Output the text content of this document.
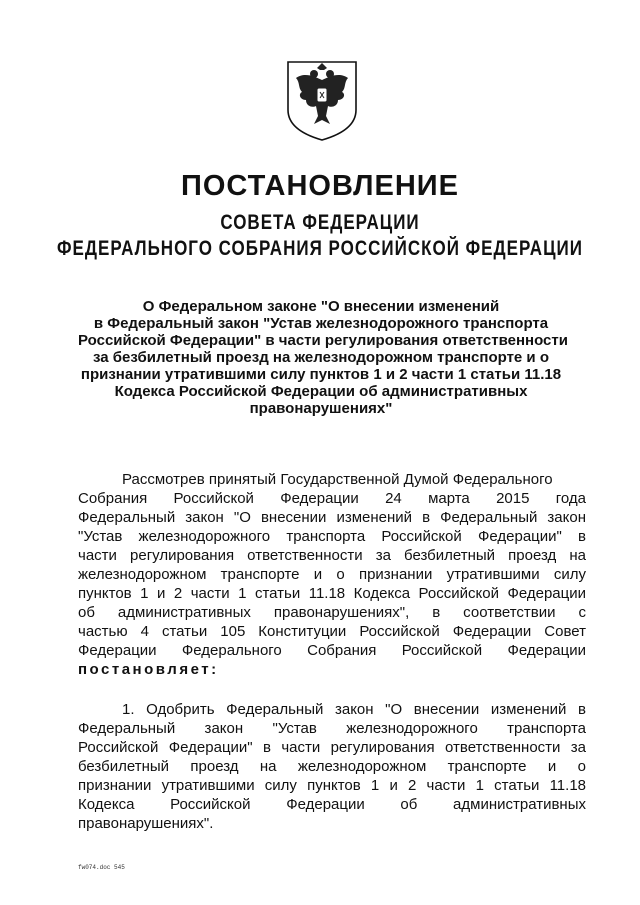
ПОСТАНОВЛЕНИЕ
СОВЕТА ФЕДЕРАЦИИ
ФЕДЕРАЛЬНОГО СОБРАНИЯ РОССИЙСКОЙ ФЕДЕРАЦИИ
О Федеральном законе "О внесении изменений
в Федеральный закон "Устав железнодорожного транспорта
Российской Федерации" в части регулирования ответственности
за безбилетный проезд на железнодорожном транспорте и о
признании утратившими силу пунктов 1 и 2 части 1 статьи 11.18
Кодекса Российской Федерации об административных
правонарушениях"
Рассмотрев принятый Государственной Думой Федерального
Собрания Российской Федерации 24 марта 2015 года
Федеральный закон "О внесении изменений в Федеральный закон
"Устав железнодорожного транспорта Российской Федерации" в
части регулирования ответственности за безбилетный проезд на
железнодорожном транспорте и о признании утратившими силу
пунктов 1 и 2 части 1 статьи 11.18 Кодекса Российской Федерации
об административных правонарушениях", в соответствии с
частью 4 статьи 105 Конституции Российской Федерации Совет
Федерации Федерального Собрания Российской Федерации
постановляет:
1. Одобрить Федеральный закон "О внесении изменений в
Федеральный закон "Устав железнодорожного транспорта
Российской Федерации" в части регулирования ответственности за
безбилетный проезд на железнодорожном транспорте и о
признании утратившими силу пунктов 1 и 2 части 1 статьи 11.18
Кодекса Российской Федерации об административных
правонарушениях".
fw074.doc 545
